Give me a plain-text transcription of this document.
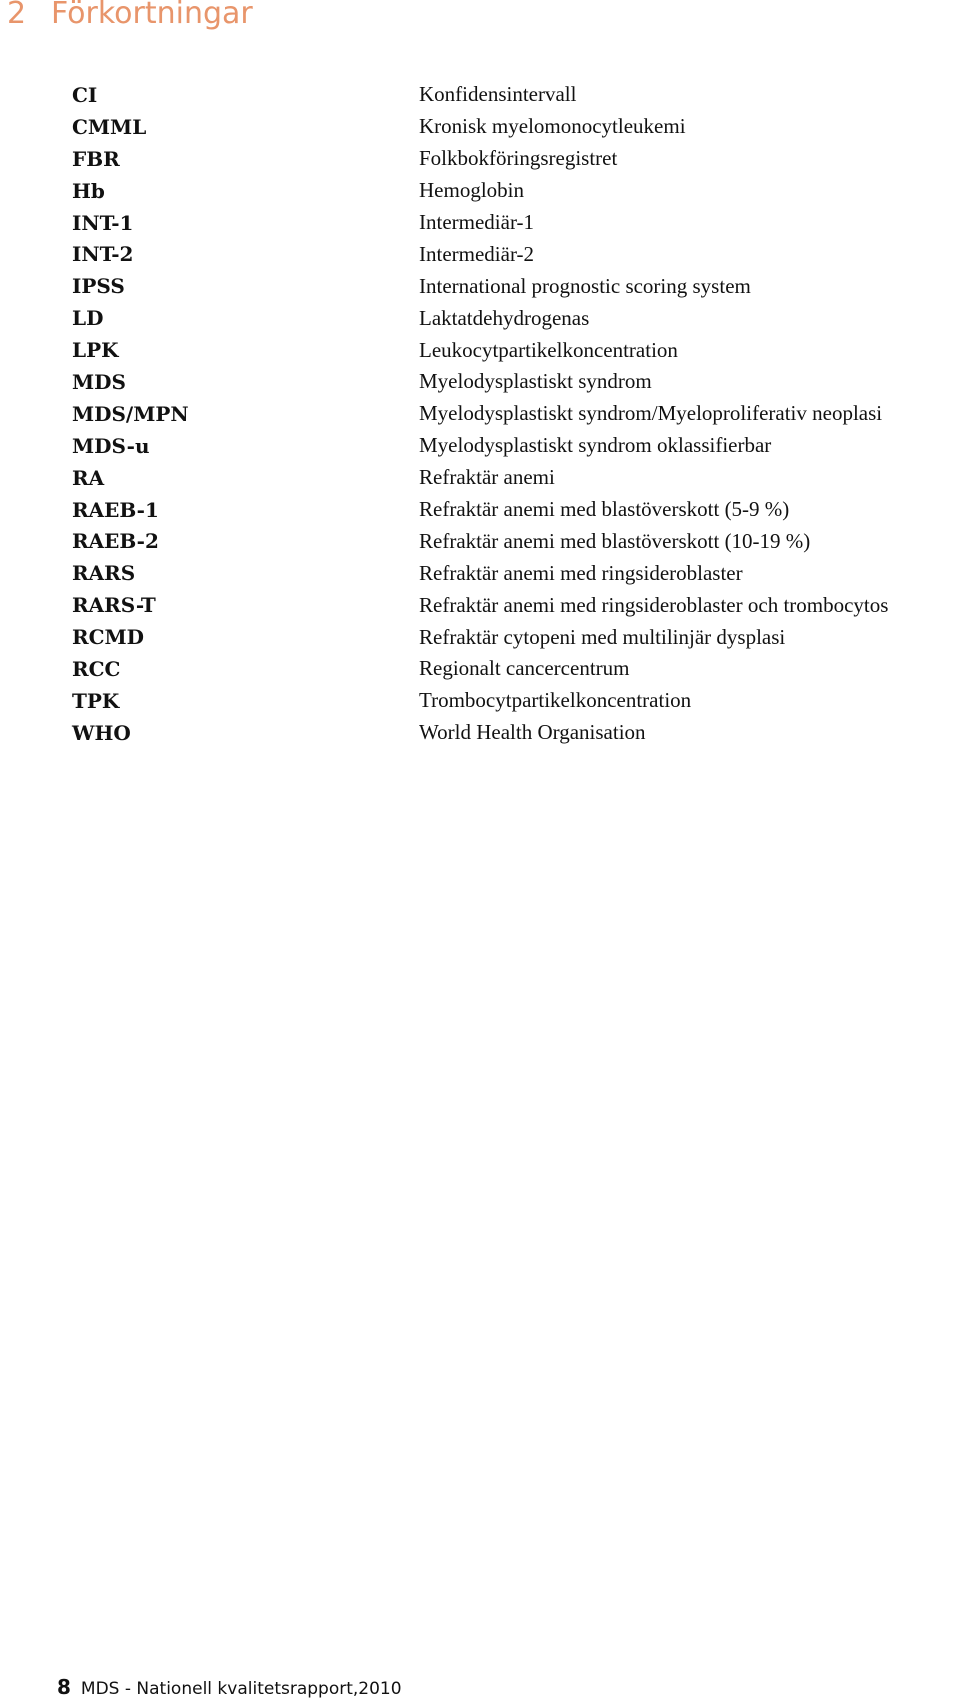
2 Förkortningar
CI	Konfidensintervall
CMML	Kronisk myelomonocytleukemi
FBR	Folkbokföringsregistret
Hb	Hemoglobin
INT-1	Intermediär-1
INT-2	Intermediär-2
IPSS	International prognostic scoring system
LD	Laktatdehydrogenas
LPK	Leukocytpartikelkoncentration
MDS	Myelodysplastiskt syndrom
MDS/MPN	Myelodysplastiskt syndrom/Myeloproliferativ neoplasi
MDS-u	Myelodysplastiskt syndrom oklassifierbar
RA	Refraktär anemi
RAEB-1	Refraktär anemi med blastöverskott (5-9 %)
RAEB-2	Refraktär anemi med blastöverskott (10-19 %)
RARS	Refraktär anemi med ringsideroblaster
RARS-T	Refraktär anemi med ringsideroblaster och trombocytos
RCMD	Refraktär cytopeni med multilinjär dysplasi
RCC	Regionalt cancercentrum
TPK	Trombocytpartikelkoncentration
WHO	World Health Organisation
8 MDS - Nationell kvalitetsrapport,2010
